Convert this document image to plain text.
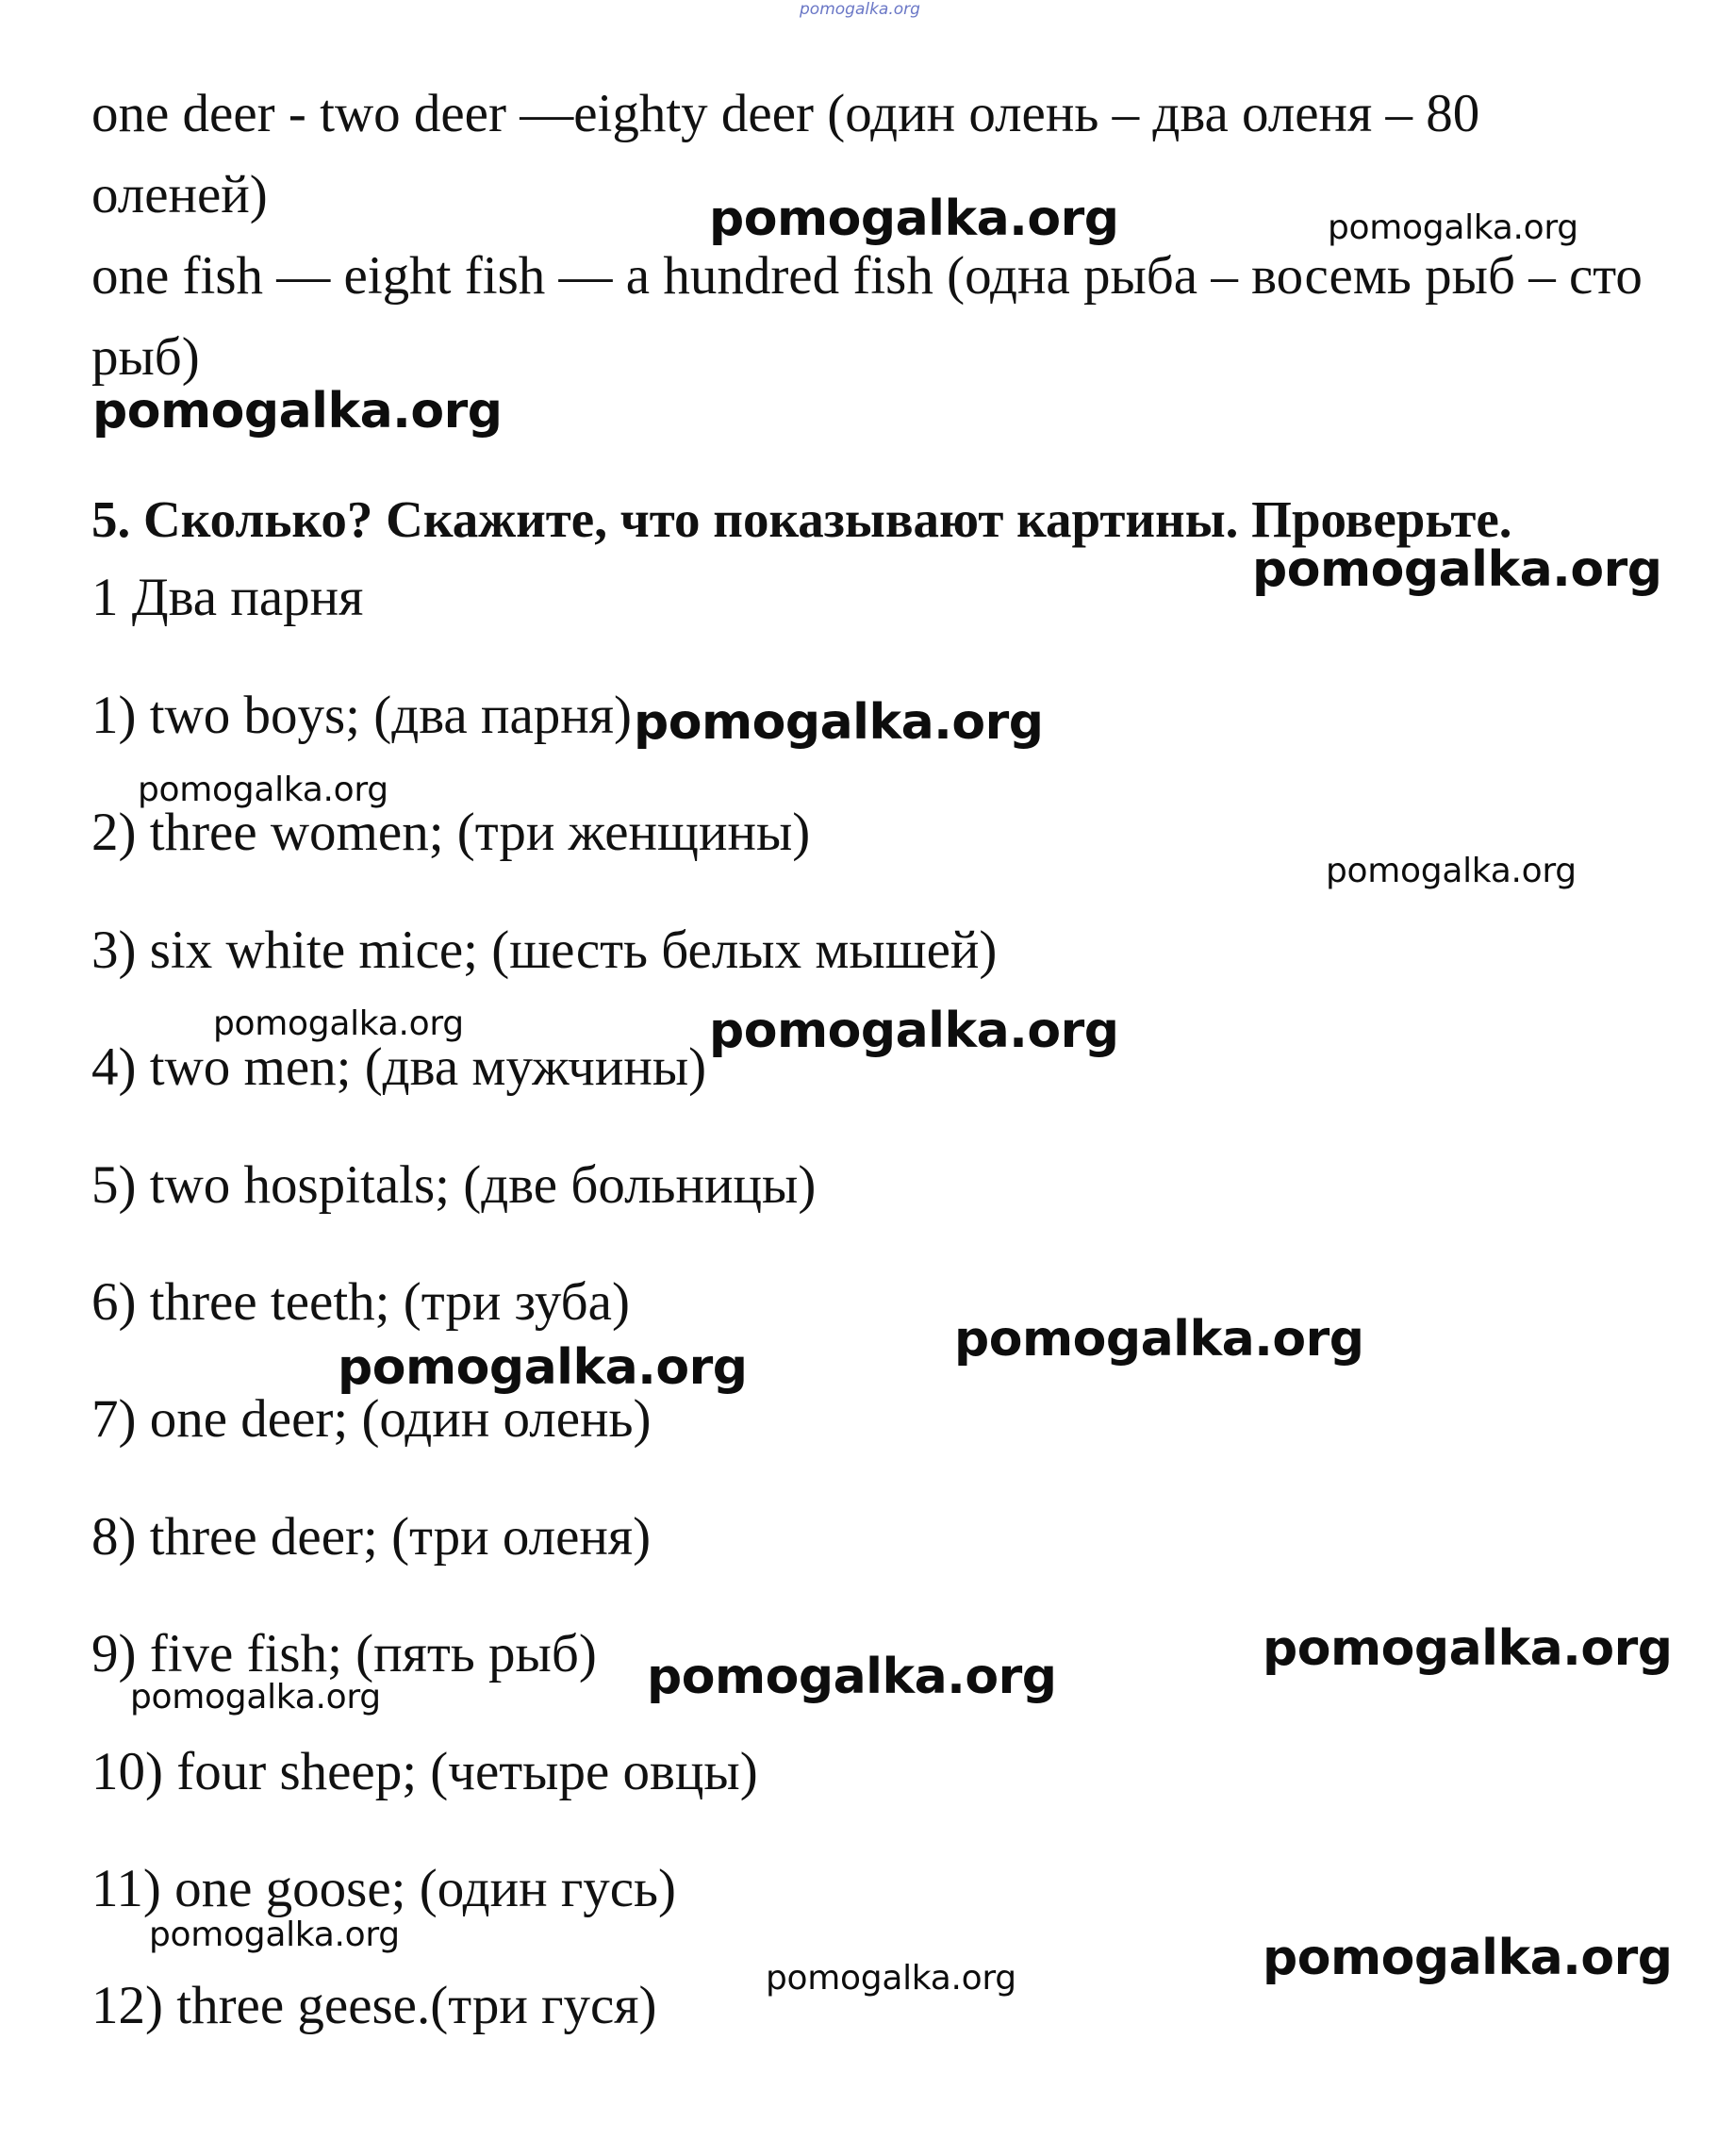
pomogalka.org

one deer - two deer —eighty deer (один олень – два оленя – 80

оленей)

one fish — eight fish — a hundred fish (одна рыба – восемь рыб – сто

рыб)

5. Сколько? Скажите, что показывают картины. Проверьте.

1 Два парня

1) two boys; (два парня)

2) three women; (три женщины)

3) six white mice; (шесть белых мышей)

4) two men; (два мужчины)

5) two hospitals; (две больницы)

6) three teeth; (три зуба)

7) one deer; (один олень)

8) three deer; (три оленя)

9) five fish; (пять рыб)

10) four sheep; (четыре овцы)

11) one goose; (один гусь)

12) three geese.(три гуся)

pomogalka.org	pomogalka.org
pomogalka.org
pomogalka.org
pomogalka.org
pomogalka.org
pomogalka.org
pomogalka.org	pomogalka.org
pomogalka.org
pomogalka.org
pomogalka.org
pomogalka.org
pomogalka.org
pomogalka.org	pomogalka.org
pomogalka.org
